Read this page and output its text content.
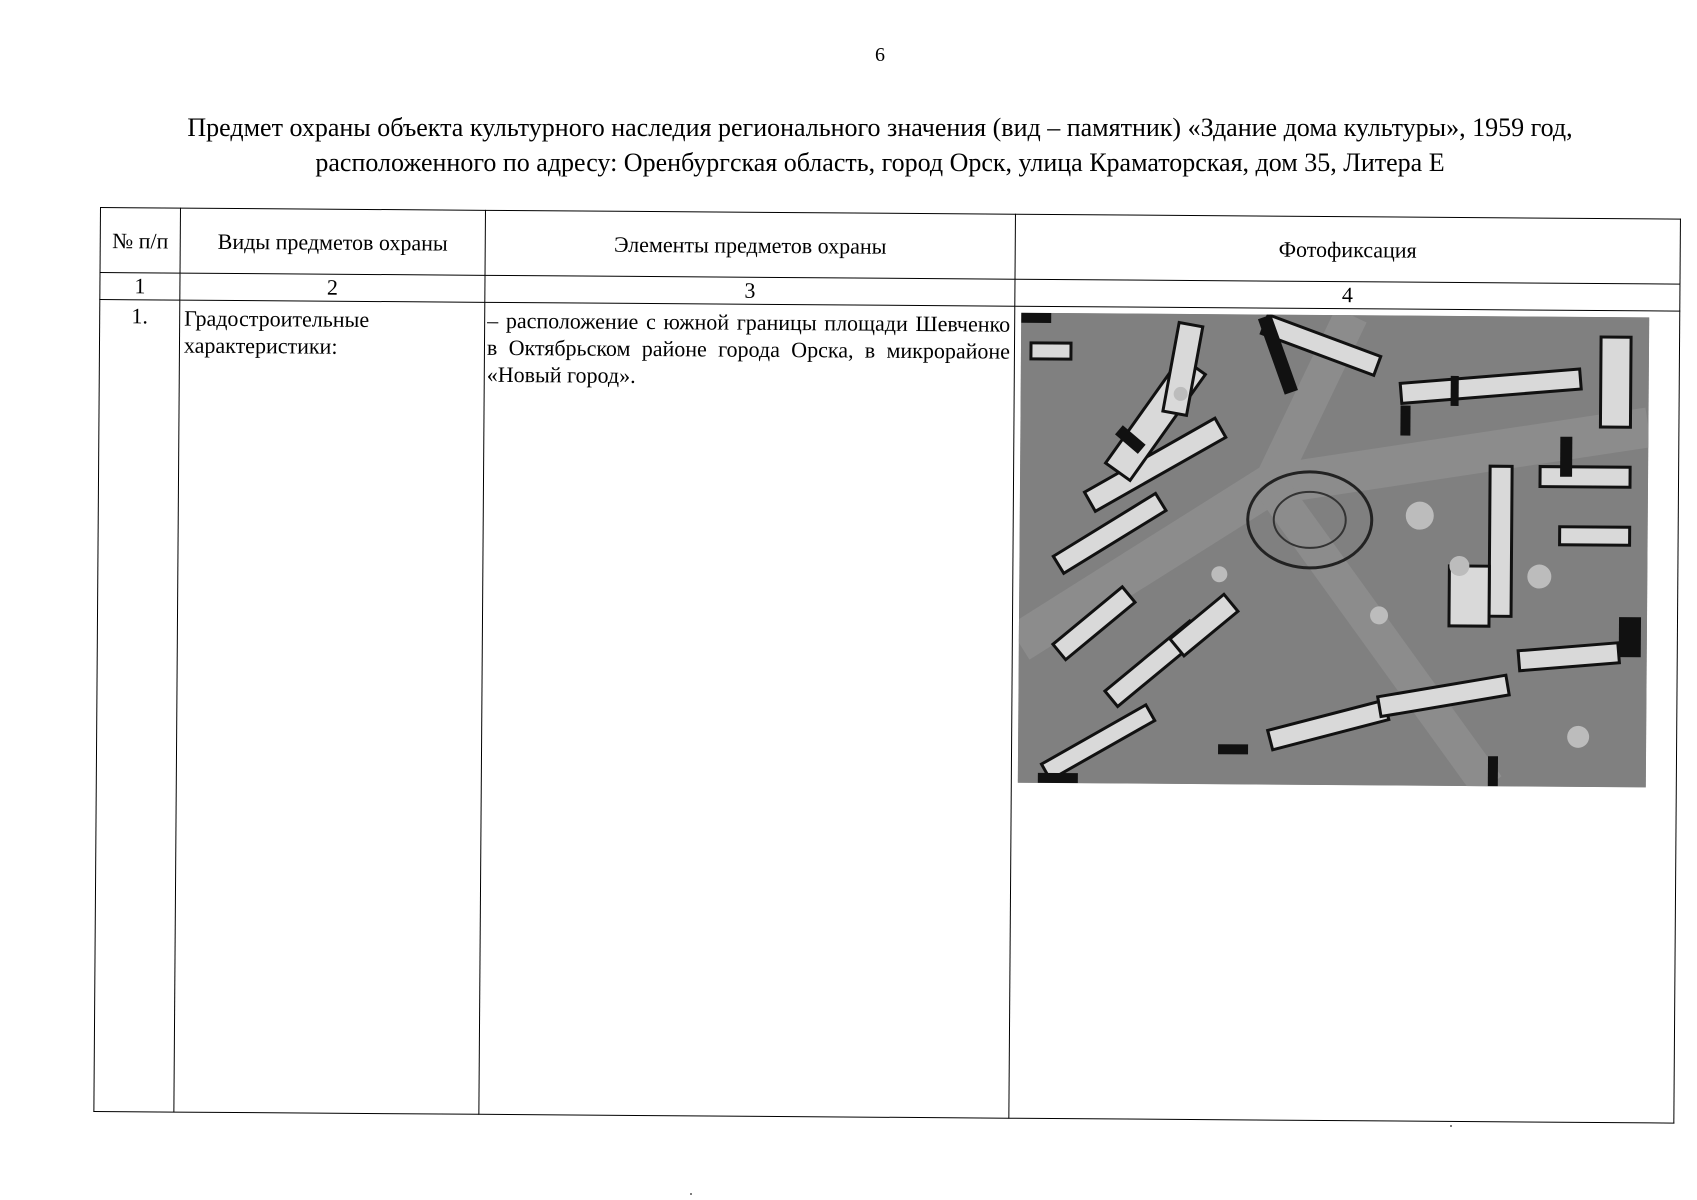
6
Предмет охраны объекта культурного наследия регионального значения (вид – памятник) «Здание дома культуры», 1959 год,
расположенного по адресу: Оренбургская область, город Орск, улица Краматорская, дом 35, Литера Е
№ п/п	Виды предметов охраны	Элементы предметов охраны	Фотофиксация
1	2	3	4
1.	Градостроительные характеристики:	– расположение с южной границы площади Шевченко в Октябрьском районе города Орска, в микрорайоне «Новый город».	
